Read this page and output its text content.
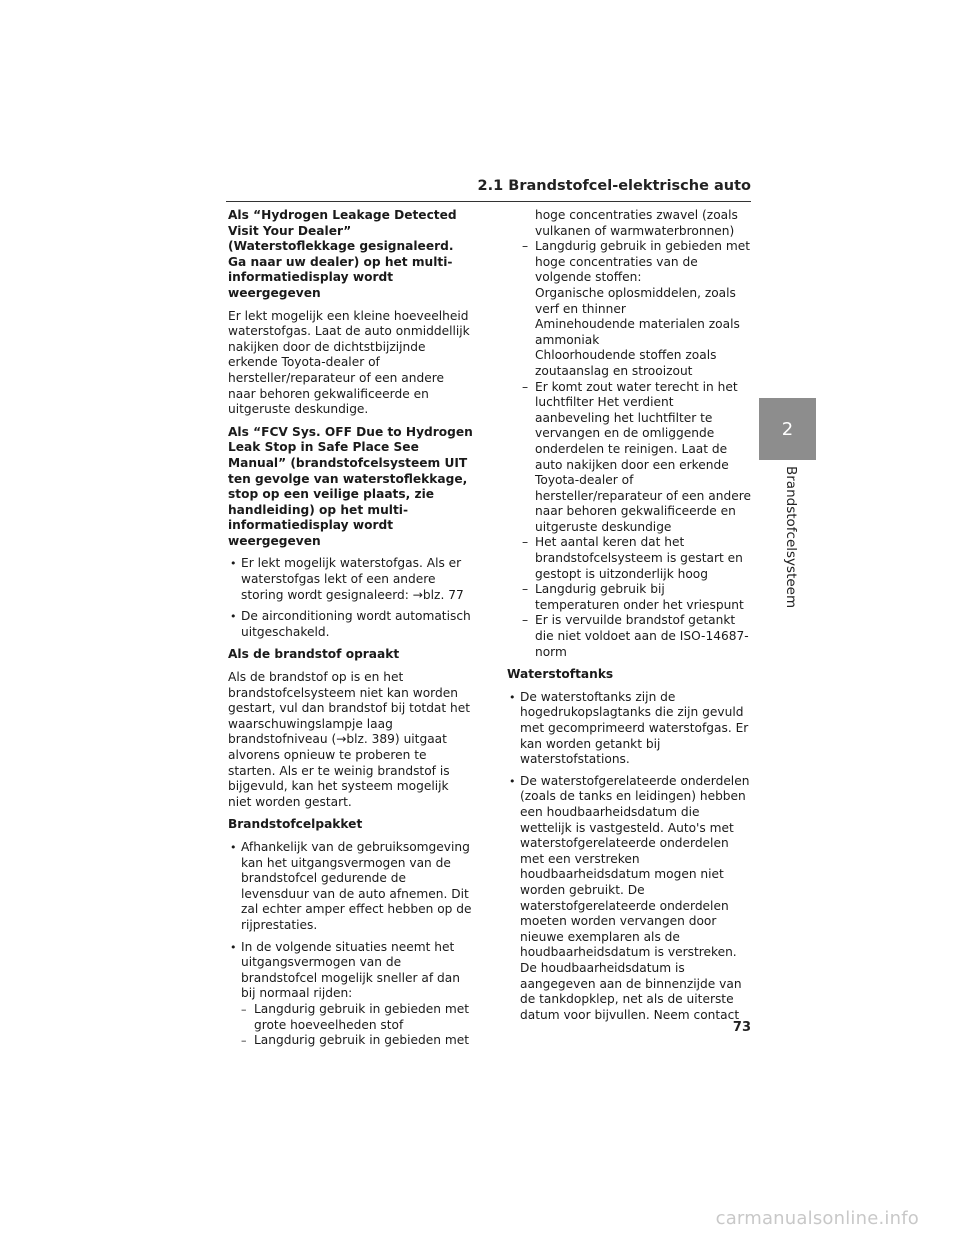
2.1 Brandstofcel-elektrische auto
Als “Hydrogen Leakage Detected Visit Your Dealer” (Waterstoflekkage gesignaleerd. Ga naar uw dealer) op het multi-informatiedisplay wordt weergegeven

Er lekt mogelijk een kleine hoeveelheid waterstofgas. Laat de auto onmiddellijk nakijken door de dichtstbijzijnde erkende Toyota-dealer of hersteller/reparateur of een andere naar behoren gekwalificeerde en uitgeruste deskundige.

Als “FCV Sys. OFF Due to Hydrogen Leak Stop in Safe Place See Manual” (brandstofcelsysteem UIT ten gevolge van waterstoflekkage, stop op een veilige plaats, zie handleiding) op het multi-informatiedisplay wordt weergegeven
• Er lekt mogelijk waterstofgas. Als er waterstofgas lekt of een andere storing wordt gesignaleerd: →blz. 77
• De airconditioning wordt automatisch uitgeschakeld.
Als de brandstof opraakt

Als de brandstof op is en het brandstofcelsysteem niet kan worden gestart, vul dan brandstof bij totdat het waarschuwingslampje laag brandstofniveau (→blz. 389) uitgaat alvorens opnieuw te proberen te starten. Als er te weinig brandstof is bijgevuld, kan het systeem mogelijk niet worden gestart.

Brandstofcelpakket
• Afhankelijk van de gebruiksomgeving kan het uitgangsvermogen van de brandstofcel gedurende de levensduur van de auto afnemen. Dit zal echter amper effect hebben op de rijprestaties.
• In de volgende situaties neemt het uitgangsvermogen van de brandstofcel mogelijk sneller af dan bij normaal rijden:
– Langdurig gebruik in gebieden met grote hoeveelheden stof
– Langdurig gebruik in gebieden met
hoge concentraties zwavel (zoals vulkanen of warmwaterbronnen)
– Langdurig gebruik in gebieden met hoge concentraties van de volgende stoffen:
Organische oplosmiddelen, zoals verf en thinner
Aminehoudende materialen zoals ammoniak
Chloorhoudende stoffen zoals zoutaanslag en strooizout
– Er komt zout water terecht in het luchtfilter Het verdient aanbeveling het luchtfilter te vervangen en de omliggende onderdelen te reinigen. Laat de auto nakijken door een erkende Toyota-dealer of hersteller/reparateur of een andere naar behoren gekwalificeerde en uitgeruste deskundige
– Het aantal keren dat het brandstofcelsysteem is gestart en gestopt is uitzonderlijk hoog
– Langdurig gebruik bij temperaturen onder het vriespunt
– Er is vervuilde brandstof getankt die niet voldoet aan de ISO-14687-norm
Waterstoftanks
• De waterstoftanks zijn de hogedrukopslagtanks die zijn gevuld met gecomprimeerd waterstofgas. Er kan worden getankt bij waterstofstations.
• De waterstofgerelateerde onderdelen (zoals de tanks en leidingen) hebben een houdbaarheidsdatum die wettelijk is vastgesteld. Auto's met waterstofgerelateerde onderdelen met een verstreken houdbaarheidsdatum mogen niet worden gebruikt. De waterstofgerelateerde onderdelen moeten worden vervangen door nieuwe exemplaren als de houdbaarheidsdatum is verstreken. De houdbaarheidsdatum is aangegeven aan de binnenzijde van de tankdopklep, net als de uiterste datum voor bijvullen. Neem contact
2
Brandstofcelsysteem
73
carmanualsonline.info
